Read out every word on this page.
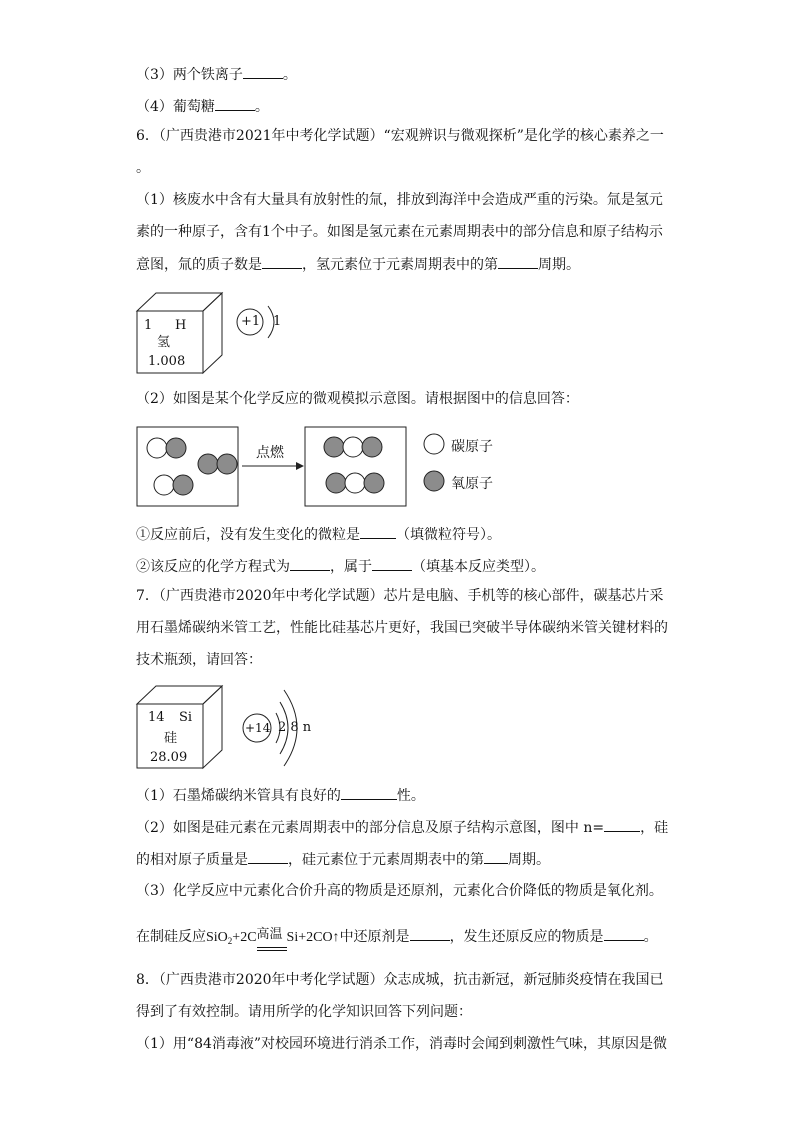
（3）两个铁离子	。
（4）葡萄糖	。
6．（广西贵港市2021年中考化学试题）“宏观辨识与微观探析”是化学的核心素养之一
。
（1）核废水中含有大量具有放射性的氚，排放到海洋中会造成严重的污染。氚是氢元
素的一种原子，含有1个中子。如图是氢元素在元素周期表中的部分信息和原子结构示
意图，氚的质子数是	，氢元素位于元素周期表中的第	周期。
1 H
氢
1.008
+1 1
（2）如图是某个化学反应的微观模拟示意图。请根据图中的信息回答：
点燃	碳原子
氧原子
①反应前后，没有发生变化的微粒是	（填微粒符号）。
②该反应的化学方程式为	，属于	（填基本反应类型）。
7．（广西贵港市2020年中考化学试题）芯片是电脑、手机等的核心部件，碳基芯片采
用石墨烯碳纳米管工艺，性能比硅基芯片更好，我国已突破半导体碳纳米管关键材料的
技术瓶颈，请回答：
14 Si
硅
28.09
+14 2 8 n
（1）石墨烯碳纳米管具有良好的	性。
（2）如图是硅元素在元素周期表中的部分信息及原子结构示意图，图中 n=	，硅
的相对原子质量是	，硅元素位于元素周期表中的第 周期。
（3）化学反应中元素化合价升高的物质是还原剂，元素化合价降低的物质是氧化剂。
在制硅反应SiO$_2$+2C 高温 Si+2CO↑中还原剂是	，发生还原反应的物质是	。
8．（广西贵港市2020年中考化学试题）众志成城，抗击新冠，新冠肺炎疫情在我国已
得到了有效控制。请用所学的化学知识回答下列问题：
（1）用“84消毒液”对校园环境进行消杀工作，消毒时会闻到刺激性气味，其原因是微
